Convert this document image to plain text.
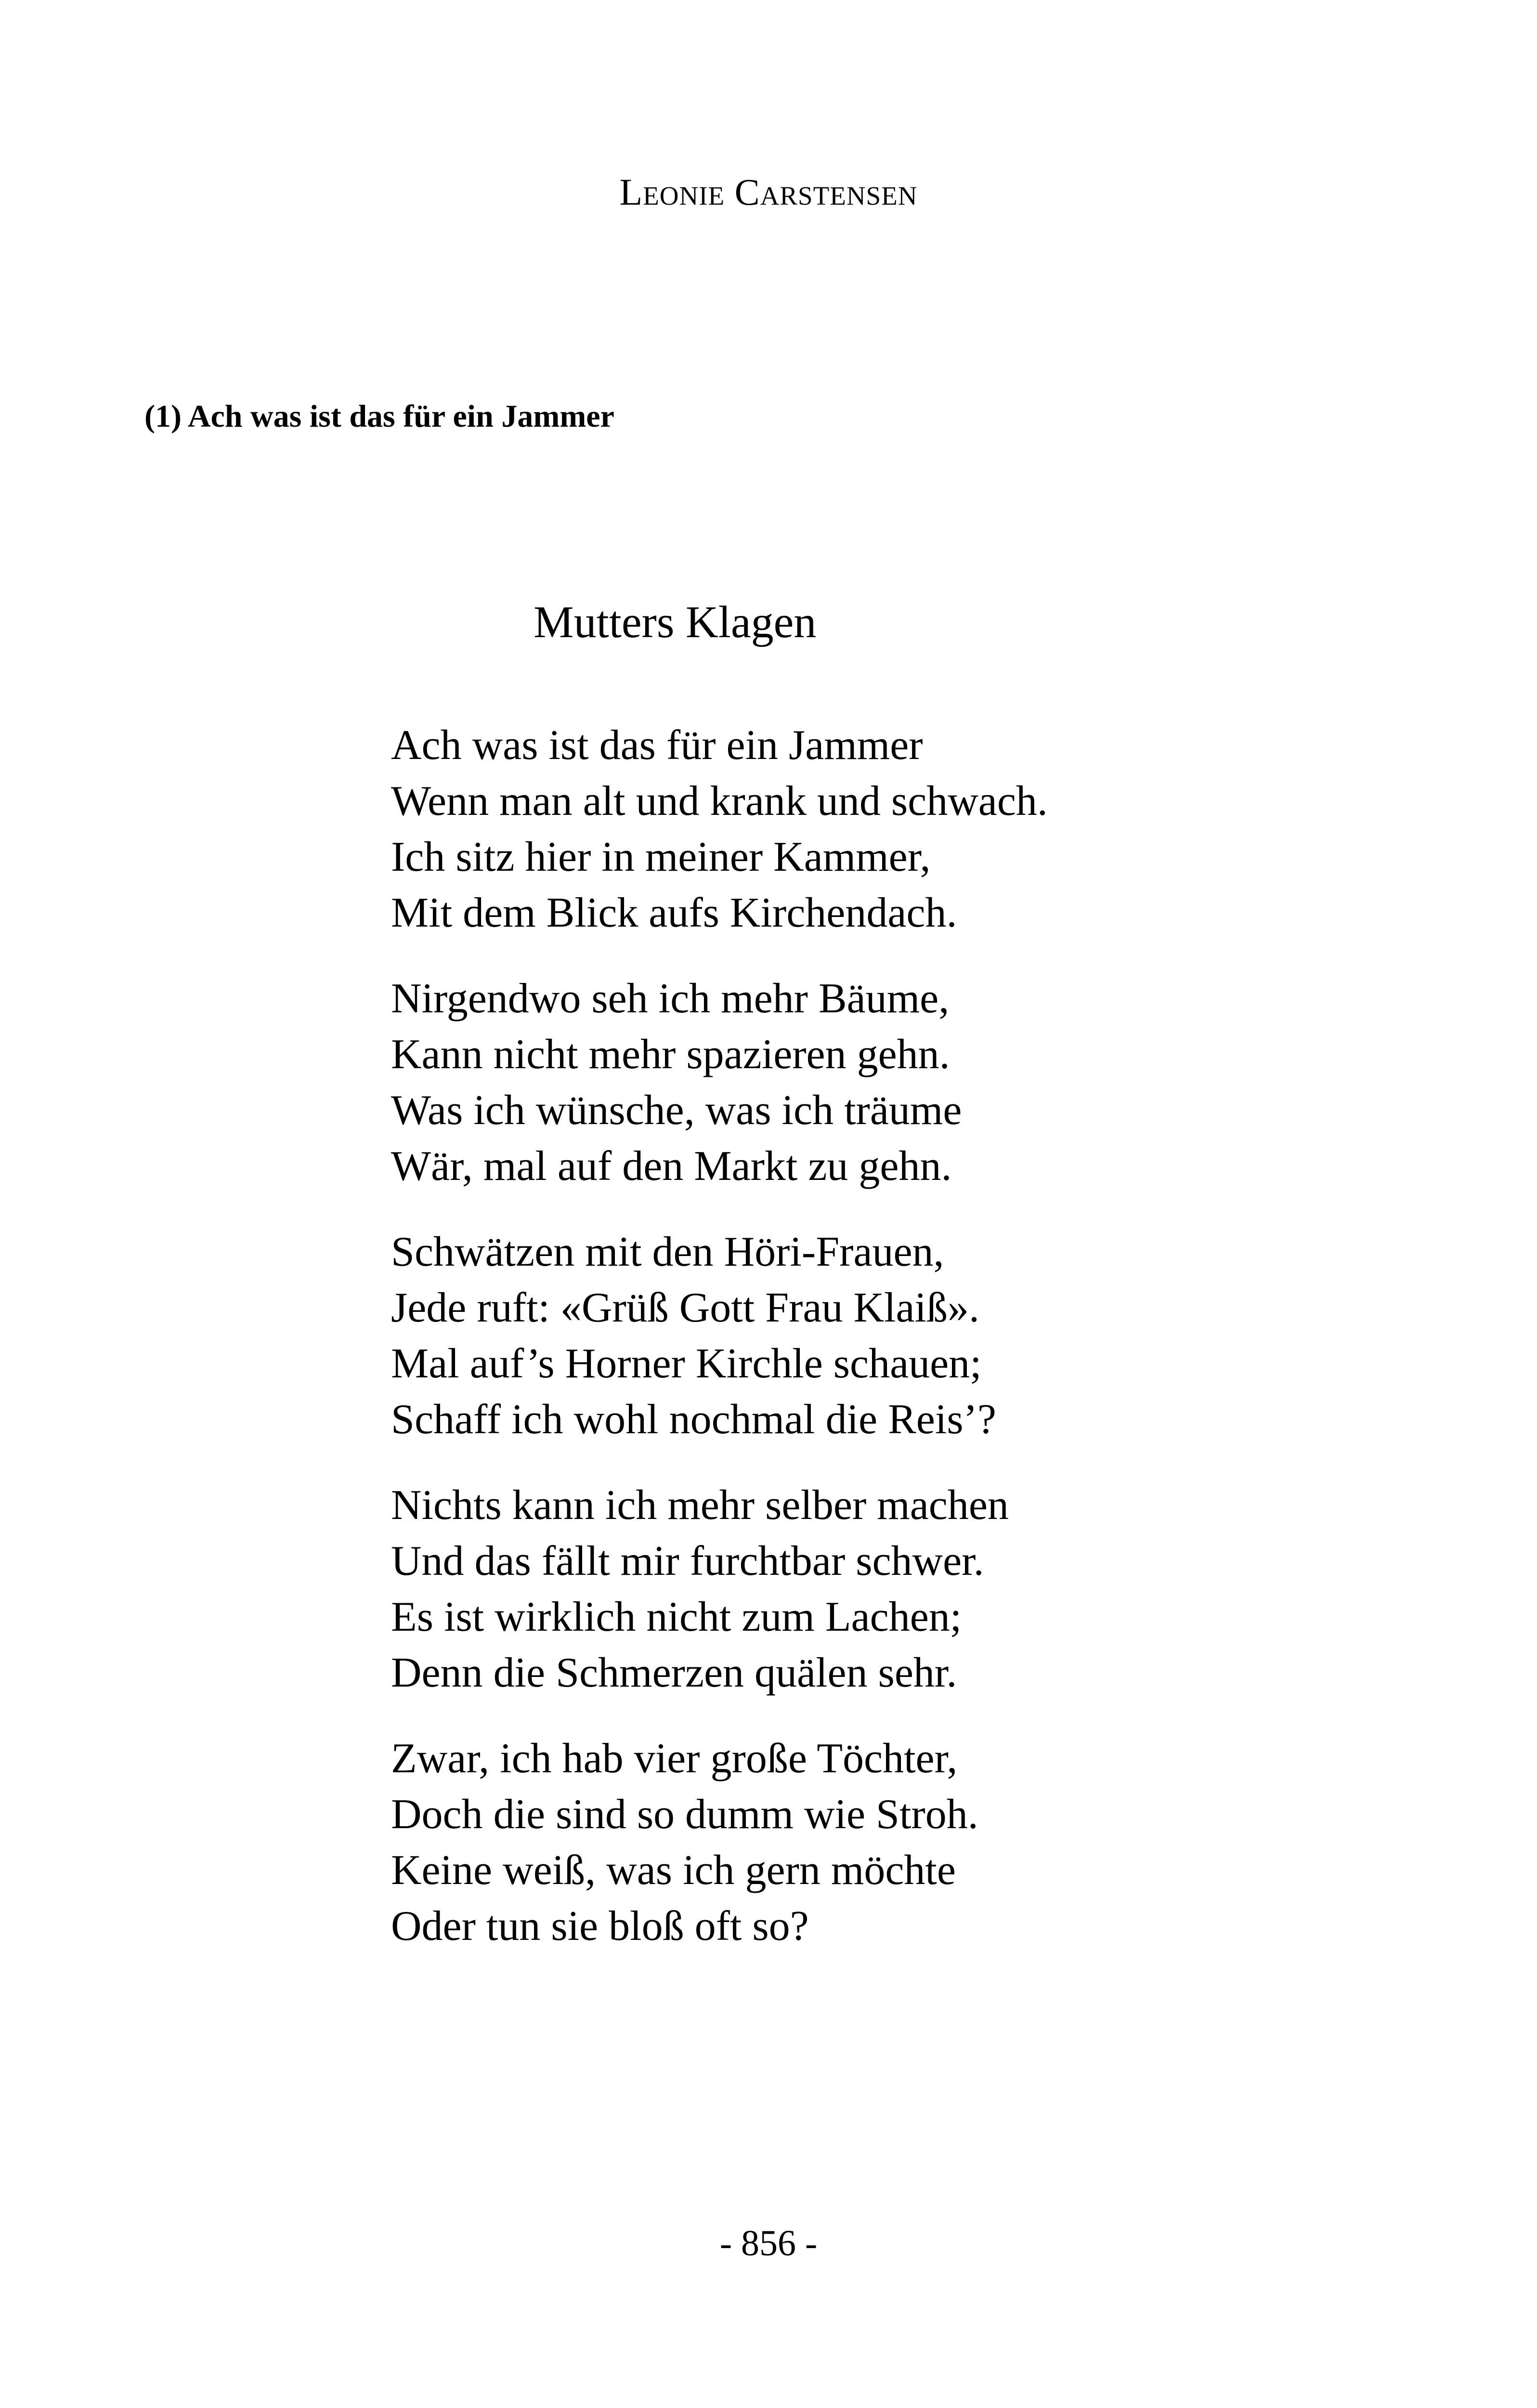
Leonie Carstensen
(1) Ach was ist das für ein Jammer
Mutters Klagen
Ach was ist das für ein Jammer
Wenn man alt und krank und schwach.
Ich sitz hier in meiner Kammer,
Mit dem Blick aufs Kirchendach.
Nirgendwo seh ich mehr Bäume,
Kann nicht mehr spazieren gehn.
Was ich wünsche, was ich träume
Wär, mal auf den Markt zu gehn.
Schwätzen mit den Höri-Frauen,
Jede ruft: «Grüß Gott Frau Klaiß».
Mal auf’s Horner Kirchle schauen;
Schaff ich wohl nochmal die Reis’?
Nichts kann ich mehr selber machen
Und das fällt mir furchtbar schwer.
Es ist wirklich nicht zum Lachen;
Denn die Schmerzen quälen sehr.
Zwar, ich hab vier große Töchter,
Doch die sind so dumm wie Stroh.
Keine weiß, was ich gern möchte
Oder tun sie bloß oft so?
- 856 -
